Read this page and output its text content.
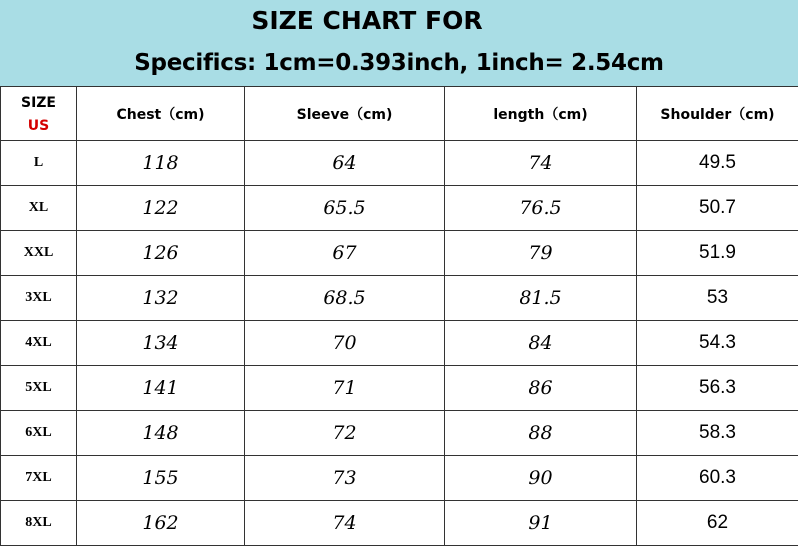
SIZE CHART FOR
Specifics: 1cm=0.393inch, 1inch= 2.54cm
SIZE
US	Chest（cm)	Sleeve（cm)	length（cm)	Shoulder（cm)
L	118	64	74	49.5
XL	122	65.5	76.5	50.7
XXL	126	67	79	51.9
3XL	132	68.5	81.5	53
4XL	134	70	84	54.3
5XL	141	71	86	56.3
6XL	148	72	88	58.3
7XL	155	73	90	60.3
8XL	162	74	91	62
